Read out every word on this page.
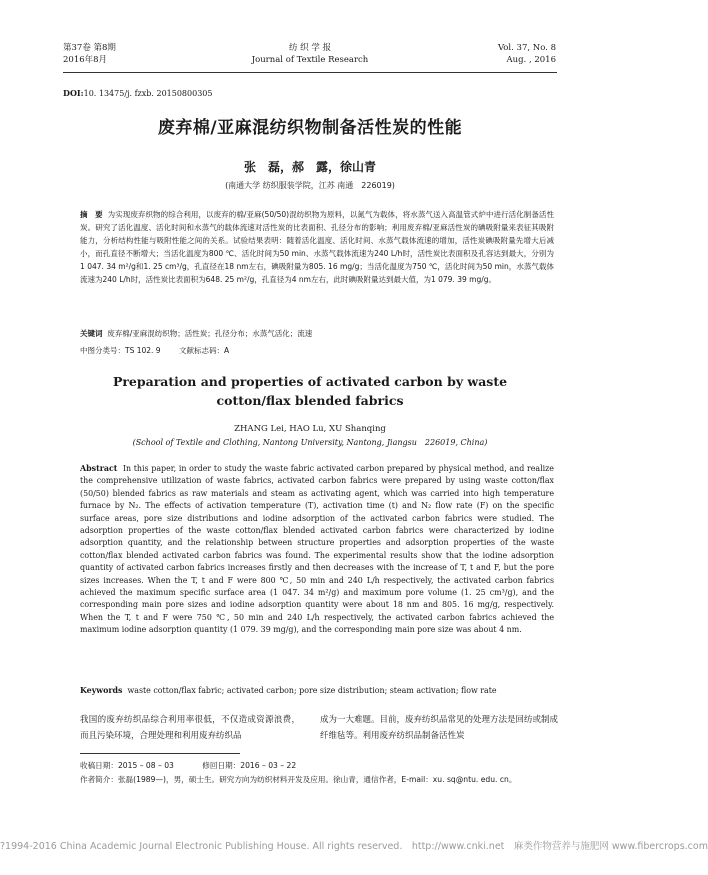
第37卷 第8期
2016年8月
纺 织 学 报
Journal of Textile Research
Vol. 37, No. 8
Aug. , 2016
DOI:10. 13475/j. fzxb. 20150800305
废弃棉/亚麻混纺织物制备活性炭的性能
张　磊，郝　露，徐山青
(南通大学 纺织服装学院，江苏 南通　226019)
摘　要 为实现废弃织物的综合利用，以废弃的棉/亚麻(50/50)混纺织物为原料，以氮气为载体，将水蒸气送入高温管式炉中进行活化制备活性炭。研究了活化温度、活化时间和水蒸气的载体流速对活性炭的比表面积、孔径分布的影响；利用废弃棉/亚麻活性炭的碘吸附量来表征其吸附能力，分析结构性能与吸附性能之间的关系。试验结果表明：随着活化温度、活化时间、水蒸气载体流速的增加，活性炭碘吸附量先增大后减小，而孔直径不断增大；当活化温度为800 ℃、活化时间为50 min、水蒸气载体流速为240 L/h时，活性炭比表面积及孔容达到最大，分别为1 047. 34 m²/g和1. 25 cm³/g，孔直径在18 nm左右，碘吸附量为805. 16 mg/g；当活化温度为750 ℃，活化时间为50 min，水蒸气载体流速为240 L/h时，活性炭比表面积为648. 25 m²/g，孔直径为4 nm左右，此时碘吸附量达到最大值，为1 079. 39 mg/g。
关键词 废弃棉/亚麻混纺织物；活性炭；孔径分布；水蒸气活化；流速
中图分类号：TS 102. 9 文献标志码：A
Preparation and properties of activated carbon by waste cotton/flax blended fabrics
ZHANG Lei, HAO Lu, XU Shanqing
(School of Textile and Clothing, Nantong University, Nantong, Jiangsu　226019, China)
Abstract In this paper, in order to study the waste fabric activated carbon prepared by physical method, and realize the comprehensive utilization of waste fabrics, activated carbon fabrics were prepared by using waste cotton/flax (50/50) blended fabrics as raw materials and steam as activating agent, which was carried into high temperature furnace by N₂. The effects of activation temperature (T), activation time (t) and N₂ flow rate (F) on the specific surface areas, pore size distributions and iodine adsorption of the activated carbon fabrics were studied. The adsorption properties of the waste cotton/flax blended activated carbon fabrics were characterized by iodine adsorption quantity, and the relationship between structure properties and adsorption properties of the waste cotton/flax blended activated carbon fabrics was found. The experimental results show that the iodine adsorption quantity of activated carbon fabrics increases firstly and then decreases with the increase of T, t and F, but the pore sizes increases. When the T, t and F were 800 ℃, 50 min and 240 L/h respectively, the activated carbon fabrics achieved the maximum specific surface area (1 047. 34 m²/g) and maximum pore volume (1. 25 cm³/g), and the corresponding main pore sizes and iodine adsorption quantity were about 18 nm and 805. 16 mg/g, respectively. When the T, t and F were 750 ℃, 50 min and 240 L/h respectively, the activated carbon fabrics achieved the maximum iodine adsorption quantity (1 079. 39 mg/g), and the corresponding main pore size was about 4 nm.
Keywords waste cotton/flax fabric; activated carbon; pore size distribution; steam activation; flow rate
我国的废弃纺织品综合利用率很低，不仅造成资源浪费，而且污染环境，合理处理和利用废弃纺织品
成为一大难题。目前，废弃纺织品常见的处理方法是回纺或制成纤维毡等。利用废弃纺织品制备活性炭
收稿日期：2015 – 08 – 03	修回日期：2016 – 03 – 22
作者简介：张磊(1989—)，男，硕士生。研究方向为纺织材料开发及应用。徐山青，通信作者，E-mail：xu. sq@ntu. edu. cn。
?1994-2016 China Academic Journal Electronic Publishing House. All rights reserved.　http://www.cnki.net　麻类作物营养与施肥网 www.fibercrops.com
